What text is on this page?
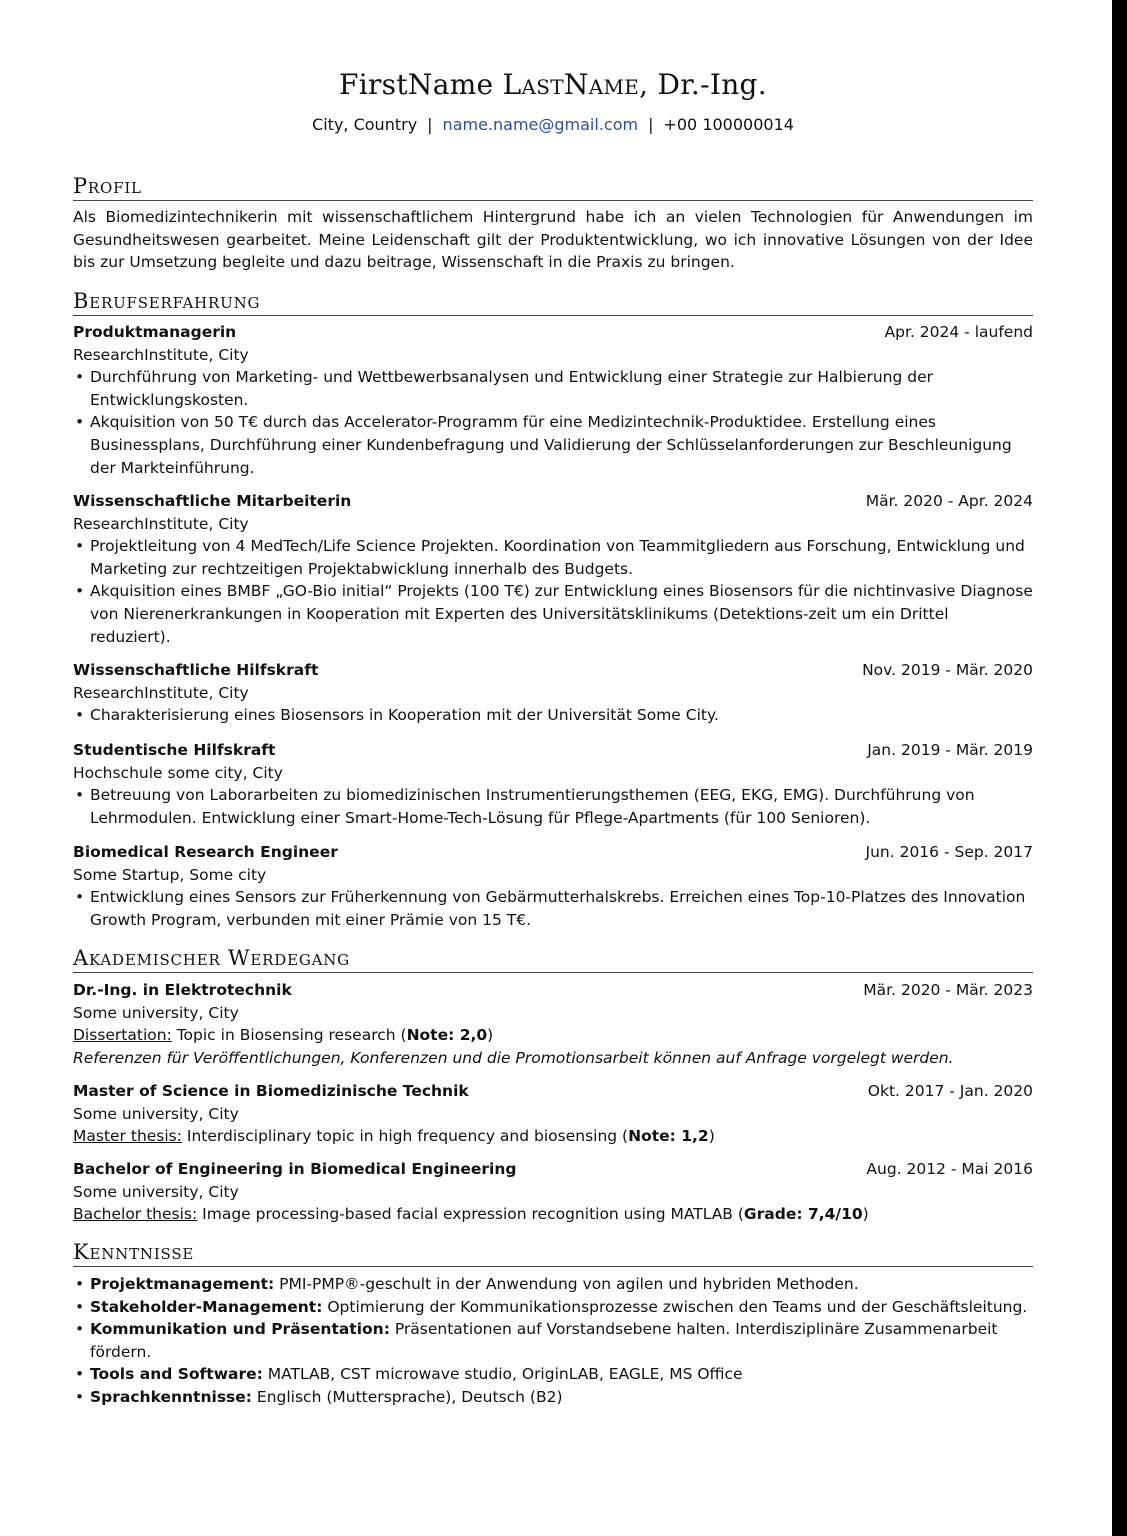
FirstName LastName, Dr.-Ing.
City, Country | name.name@gmail.com | +00 100000014
Profil
Als Biomedizintechnikerin mit wissenschaftlichem Hintergrund habe ich an vielen Technologien für Anwendungen im Gesundheitswesen gearbeitet. Meine Leidenschaft gilt der Produktentwicklung, wo ich innovative Lösungen von der Idee bis zur Umsetzung begleite und dazu beitrage, Wissenschaft in die Praxis zu bringen.
Berufserfahrung
Produktmanagerin	Apr. 2024 - laufend
ResearchInstitute, City
• Durchführung von Marketing- und Wettbewerbsanalysen und Entwicklung einer Strategie zur Halbierung der Entwicklungskosten.
• Akquisition von 50 T€ durch das Accelerator-Programm für eine Medizintechnik-Produktidee. Erstellung eines Businessplans, Durchführung einer Kundenbefragung und Validierung der Schlüsselanforderungen zur Beschleunigung der Markteinführung.
Wissenschaftliche Mitarbeiterin	Mär. 2020 - Apr. 2024
ResearchInstitute, City
• Projektleitung von 4 MedTech/Life Science Projekten. Koordination von Teammitgliedern aus Forschung, Entwicklung und Marketing zur rechtzeitigen Projektabwicklung innerhalb des Budgets.
• Akquisition eines BMBF „GO-Bio initial“ Projekts (100 T€) zur Entwicklung eines Biosensors für die nichtinvasive Diagnose von Nierenerkrankungen in Kooperation mit Experten des Universitätsklinikums (Detektions-zeit um ein Drittel reduziert).
Wissenschaftliche Hilfskraft	Nov. 2019 - Mär. 2020
ResearchInstitute, City
• Charakterisierung eines Biosensors in Kooperation mit der Universität Some City.
Studentische Hilfskraft	Jan. 2019 - Mär. 2019
Hochschule some city, City
• Betreuung von Laborarbeiten zu biomedizinischen Instrumentierungsthemen (EEG, EKG, EMG). Durchführung von Lehrmodulen. Entwicklung einer Smart-Home-Tech-Lösung für Pflege-Apartments (für 100 Senioren).
Biomedical Research Engineer	Jun. 2016 - Sep. 2017
Some Startup, Some city
• Entwicklung eines Sensors zur Früherkennung von Gebärmutterhalskrebs. Erreichen eines Top-10-Platzes des Innovation Growth Program, verbunden mit einer Prämie von 15 T€.
Akademischer Werdegang
Dr.-Ing. in Elektrotechnik	Mär. 2020 - Mär. 2023
Some university, City
Dissertation: Topic in Biosensing research (Note: 2,0)
Referenzen für Veröffentlichungen, Konferenzen und die Promotionsarbeit können auf Anfrage vorgelegt werden.
Master of Science in Biomedizinische Technik	Okt. 2017 - Jan. 2020
Some university, City
Master thesis: Interdisciplinary topic in high frequency and biosensing (Note: 1,2)
Bachelor of Engineering in Biomedical Engineering	Aug. 2012 - Mai 2016
Some university, City
Bachelor thesis: Image processing-based facial expression recognition using MATLAB (Grade: 7,4/10)
Kenntnisse
• Projektmanagement: PMI-PMP®-geschult in der Anwendung von agilen und hybriden Methoden.
• Stakeholder-Management: Optimierung der Kommunikationsprozesse zwischen den Teams und der Geschäftsleitung.
• Kommunikation und Präsentation: Präsentationen auf Vorstandsebene halten. Interdisziplinäre Zusammenarbeit fördern.
• Tools and Software: MATLAB, CST microwave studio, OriginLAB, EAGLE, MS Office
• Sprachkenntnisse: Englisch (Muttersprache), Deutsch (B2)
